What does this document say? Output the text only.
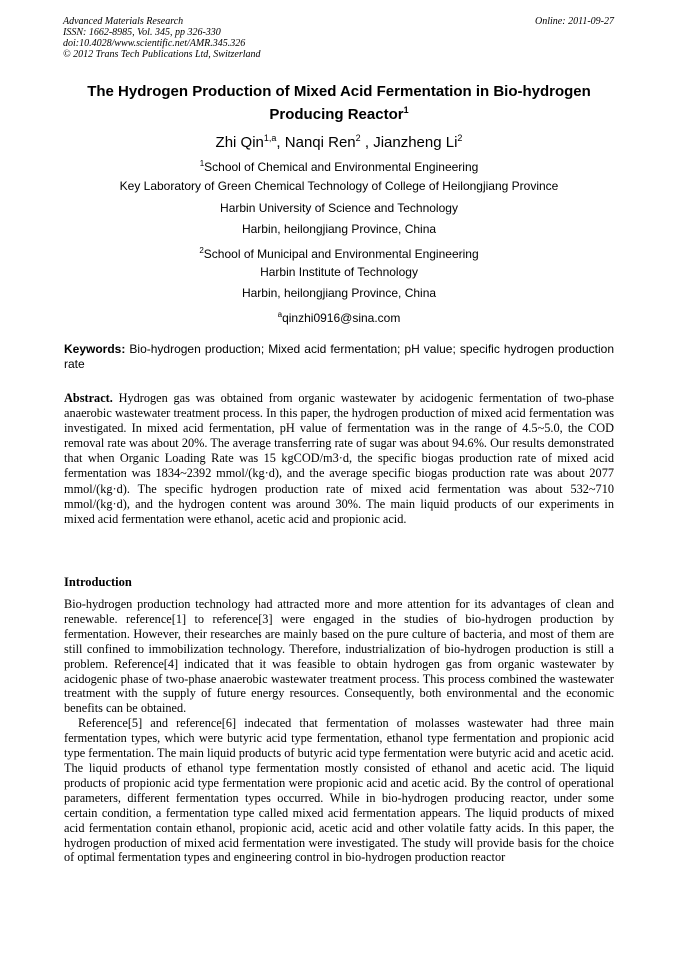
Advanced Materials Research
ISSN: 1662-8985, Vol. 345, pp 326-330
doi:10.4028/www.scientific.net/AMR.345.326
© 2012 Trans Tech Publications Ltd, Switzerland
Online: 2011-09-27
The Hydrogen Production of Mixed Acid Fermentation in Bio-hydrogen
Producing Reactor$^1$
Zhi Qin$^{1,a}$, Nanqi Ren$^2$ , Jianzheng Li$^2$
$^1$School of Chemical and Environmental Engineering
Key Laboratory of Green Chemical Technology of College of Heilongjiang Province
Harbin University of Science and Technology
Harbin, heilongjiang Province, China
$^2$School of Municipal and Environmental Engineering
Harbin Institute of Technology
Harbin, heilongjiang Province, China
$^a$qinzhi0916@sina.com
Keywords: Bio-hydrogen production; Mixed acid fermentation; pH value; specific hydrogen production rate
Abstract. Hydrogen gas was obtained from organic wastewater by acidogenic fermentation of two-phase anaerobic wastewater treatment process. In this paper, the hydrogen production of mixed acid fermentation was investigated. In mixed acid fermentation, pH value of fermentation was in the range of 4.5~5.0, the COD removal rate was about 20%. The average transferring rate of sugar was about 94.6%. Our results demonstrated that when Organic Loading Rate was 15 kgCOD/m3·d, the specific biogas production rate of mixed acid fermentation was 1834~2392 mmol/(kg·d), and the average specific biogas production rate was about 2077 mmol/(kg·d). The specific hydrogen production rate of mixed acid fermentation was about 532~710 mmol/(kg·d), and the hydrogen content was around 30%. The main liquid products of our experiments in mixed acid fermentation were ethanol, acetic acid and propionic acid.
Introduction

Bio-hydrogen production technology had attracted more and more attention for its advantages of clean and renewable. reference[1] to reference[3] were engaged in the studies of bio-hydrogen production by fermentation. However, their researches are mainly based on the pure culture of bacteria, and most of them are still confined to immobilization technology. Therefore, industrialization of bio-hydrogen production is still a problem. Reference[4] indicated that it was feasible to obtain hydrogen gas from organic wastewater by acidogenic phase of two-phase anaerobic wastewater treatment process. This process combined the wastewater treatment with the supply of future energy resources. Consequently, both environmental and the economic benefits can be obtained.

Reference[5] and reference[6] indecated that fermentation of molasses wastewater had three main fermentation types, which were butyric acid type fermentation, ethanol type fermentation and propionic acid type fermentation. The main liquid products of butyric acid type fermentation were butyric acid and acetic acid. The liquid products of ethanol type fermentation mostly consisted of ethanol and acetic acid. The liquid products of propionic acid type fermentation were propionic acid and acetic acid. By the control of operational parameters, different fermentation types occurred. While in bio-hydrogen producing reactor, under some certain condition, a fermentation type called mixed acid fermentation appears. The liquid products of mixed acid fermentation contain ethanol, propionic acid, acetic acid and other volatile fatty acids. In this paper, the hydrogen production of mixed acid fermentation were investigated. The study will provide basis for the choice of optimal fermentation types and engineering control in bio-hydrogen production reactor
